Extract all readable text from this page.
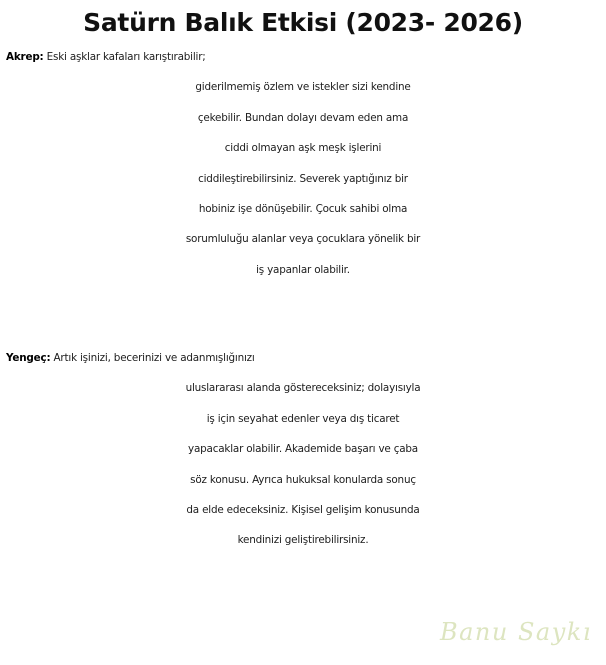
Satürn Balık Etkisi (2023- 2026)
Akrep: Eski aşklar kafaları karıştırabilir;
giderilmemiş özlem ve istekler sizi kendine
çekebilir. Bundan dolayı devam eden ama
ciddi olmayan aşk meşk işlerini
ciddileştirebilirsiniz. Severek yaptığınız bir
hobiniz işe dönüşebilir. Çocuk sahibi olma
sorumluluğu alanlar veya çocuklara yönelik bir
iş yapanlar olabilir.
Yengeç: Artık işinizi, becerinizi ve adanmışlığınızı
uluslararası alanda göstereceksiniz; dolayısıyla
iş için seyahat edenler veya dış ticaret
yapacaklar olabilir. Akademide başarı ve çaba
söz konusu. Ayrıca hukuksal konularda sonuç
da elde edeceksiniz. Kişisel gelişim konusunda
kendinizi geliştirebilirsiniz.
Banu Saykı
